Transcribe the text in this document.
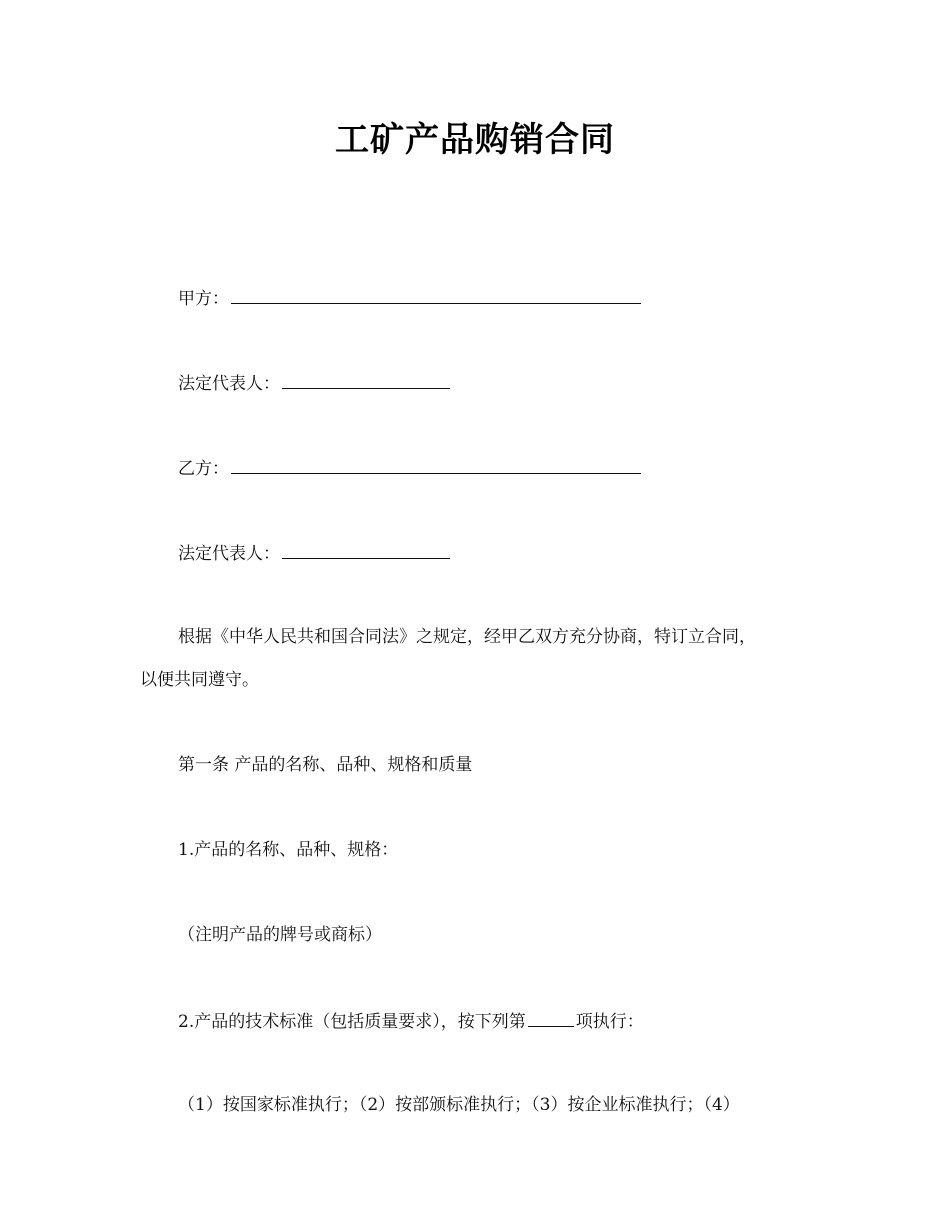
工矿产品购销合同
甲方：
法定代表人：
乙方：
法定代表人：
根据《中华人民共和国合同法》之规定，经甲乙双方充分协商，特订立合同，
以便共同遵守。
第一条 产品的名称、品种、规格和质量
1.产品的名称、品种、规格：
（注明产品的牌号或商标）
2.产品的技术标准（包括质量要求），按下列第	项执行：
（1）按国家标准执行；（2）按部颁标准执行；（3）按企业标准执行；（4）
